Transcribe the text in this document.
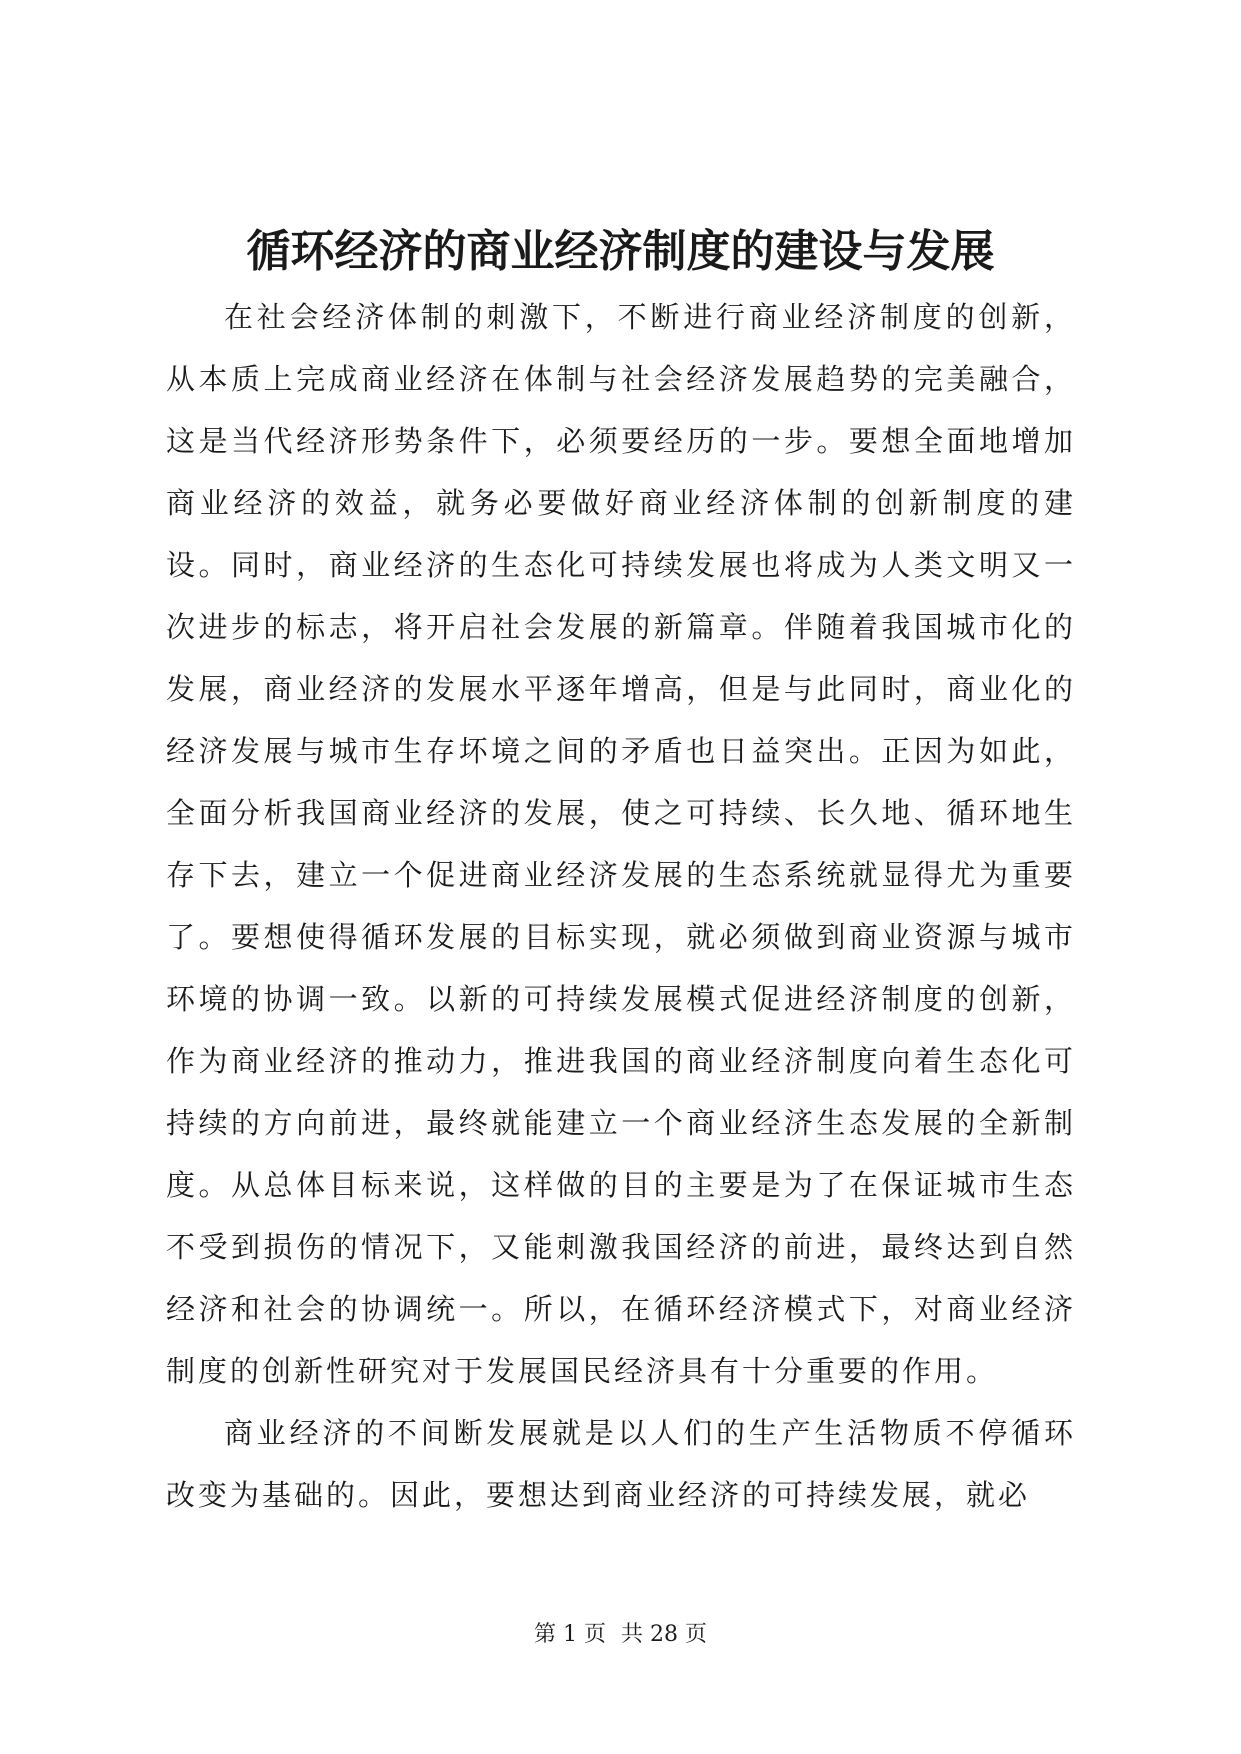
循环经济的商业经济制度的建设与发展

在社会经济体制的刺激下，不断进行商业经济制度的创新，从本质上完成商业经济在体制与社会经济发展趋势的完美融合，这是当代经济形势条件下，必须要经历的一步。要想全面地增加商业经济的效益，就务必要做好商业经济体制的创新制度的建设。同时，商业经济的生态化可持续发展也将成为人类文明又一次进步的标志，将开启社会发展的新篇章。伴随着我国城市化的发展，商业经济的发展水平逐年增高，但是与此同时，商业化的经济发展与城市生存坏境之间的矛盾也日益突出。正因为如此，全面分析我国商业经济的发展，使之可持续、长久地、循环地生存下去，建立一个促进商业经济发展的生态系统就显得尤为重要了。要想使得循环发展的目标实现，就必须做到商业资源与城市环境的协调一致。以新的可持续发展模式促进经济制度的创新，作为商业经济的推动力，推进我国的商业经济制度向着生态化可持续的方向前进，最终就能建立一个商业经济生态发展的全新制度。从总体目标来说，这样做的目的主要是为了在保证城市生态不受到损伤的情况下，又能刺激我国经济的前进，最终达到自然经济和社会的协调统一。所以，在循环经济模式下，对商业经济制度的创新性研究对于发展国民经济具有十分重要的作用。

商业经济的不间断发展就是以人们的生产生活物质不停循环改变为基础的。因此，要想达到商业经济的可持续发展，就必

第 1 页 共 28 页
